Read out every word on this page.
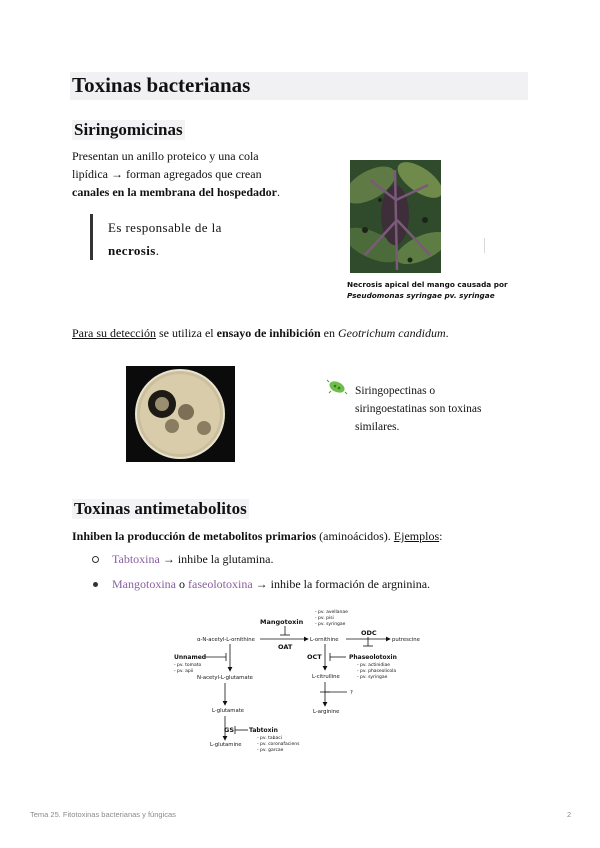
Toxinas bacterianas
Siringomicinas

Presentan un anillo proteico y una cola

lipídica → forman agregados que crean

canales en la membrana del hospedador.

Es responsable de la
necrosis.
Necrosis apical del mango causada por
Pseudomonas syringae pv. syringae

Para su detección se utiliza el ensayo de inhibición en Geotrichum candidum.

Siringopectinas o
siringoestatinas son toxinas
similares.
Toxinas antimetabolitos

Inhiben la producción de metabolitos primarios (aminoácidos). Ejemplos:

Tabtoxina → inhibe la glutamina.
Mangotoxina o faseolotoxina → inhibe la formación de argninina.
Mangotoxin
- pv. avellanae
- pv. pisi
- pv. syringae
α-N-acetyl-L-ornithine	L-ornithine	putrescine
OAT
ODC
Unnamed
- pv. tomato
- pv. apii
N-acetyl-L-glutamate
OCT	Phaseolotoxin
- pv. actinidiae
- pv. phaseolicola
- pv. syringae
L-citrulline
?
L-arginine
L-glutamate
GS Tabtoxin
- pv. tabaci
- pv. coronafaciens
- pv. garcae
L-glutamine
Tema 25. Fitotoxinas bacterianas y fúngicas	2
